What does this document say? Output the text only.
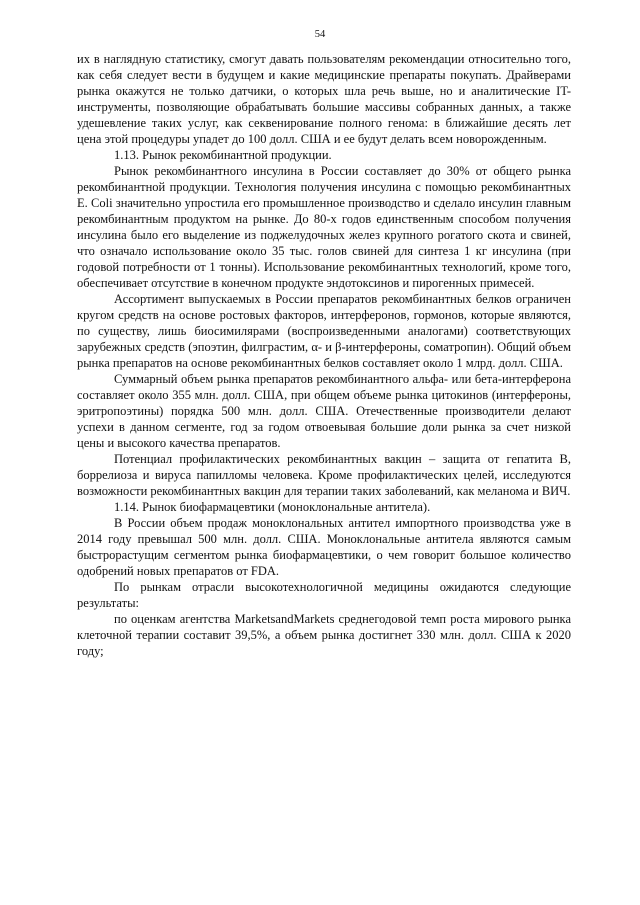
54

их в наглядную статистику, смогут давать пользователям рекомендации относительно того, как себя следует вести в будущем и какие медицинские препараты покупать. Драйверами рынка окажутся не только датчики, о которых шла речь выше, но и аналитические IT-инструменты, позволяющие обрабатывать большие массивы собранных данных, а также удешевление таких услуг, как секвенирование полного генома: в ближайшие десять лет цена этой процедуры упадет до 100 долл. США и ее будут делать всем новорожденным.

1.13. Рынок рекомбинантной продукции.

Рынок рекомбинантного инсулина в России составляет до 30% от общего рынка рекомбинантной продукции. Технология получения инсулина с помощью рекомбинантных E. Coli значительно упростила его промышленное производство и сделало инсулин главным рекомбинантным продуктом на рынке. До 80-х годов единственным способом получения инсулина было его выделение из поджелудочных желез крупного рогатого скота и свиней, что означало использование около 35 тыс. голов свиней для синтеза 1 кг инсулина (при годовой потребности от 1 тонны). Использование рекомбинантных технологий, кроме того, обеспечивает отсутствие в конечном продукте эндотоксинов и пирогенных примесей.

Ассортимент выпускаемых в России препаратов рекомбинантных белков ограничен кругом средств на основе ростовых факторов, интерферонов, гормонов, которые являются, по существу, лишь биосимилярами (воспроизведенными аналогами) соответствующих зарубежных средств (эпоэтин, филграстим, α- и β-интерфероны, соматропин). Общий объем рынка препаратов на основе рекомбинантных белков составляет около 1 млрд. долл. США.

Суммарный объем рынка препаратов рекомбинантного альфа- или бета-интерферона составляет около 355 млн. долл. США, при общем объеме рынка цитокинов (интерфероны, эритропоэтины) порядка 500 млн. долл. США. Отечественные производители делают успехи в данном сегменте, год за годом отвоевывая большие доли рынка за счет низкой цены и высокого качества препаратов.

Потенциал профилактических рекомбинантных вакцин – защита от гепатита B, боррелиоза и вируса папилломы человека. Кроме профилактических целей, исследуются возможности рекомбинантных вакцин для терапии таких заболеваний, как меланома и ВИЧ.

1.14. Рынок биофармацевтики (моноклональные антитела).

В России объем продаж моноклональных антител импортного производства уже в 2014 году превышал 500 млн. долл. США. Моноклональные антитела являются самым быстрорастущим сегментом рынка биофармацевтики, о чем говорит большое количество одобрений новых препаратов от FDA.

По рынкам отрасли высокотехнологичной медицины ожидаются следующие результаты:

по оценкам агентства MarketsandMarkets среднегодовой темп роста мирового рынка клеточной терапии составит 39,5%, а объем рынка достигнет 330 млн. долл. США к 2020 году;
